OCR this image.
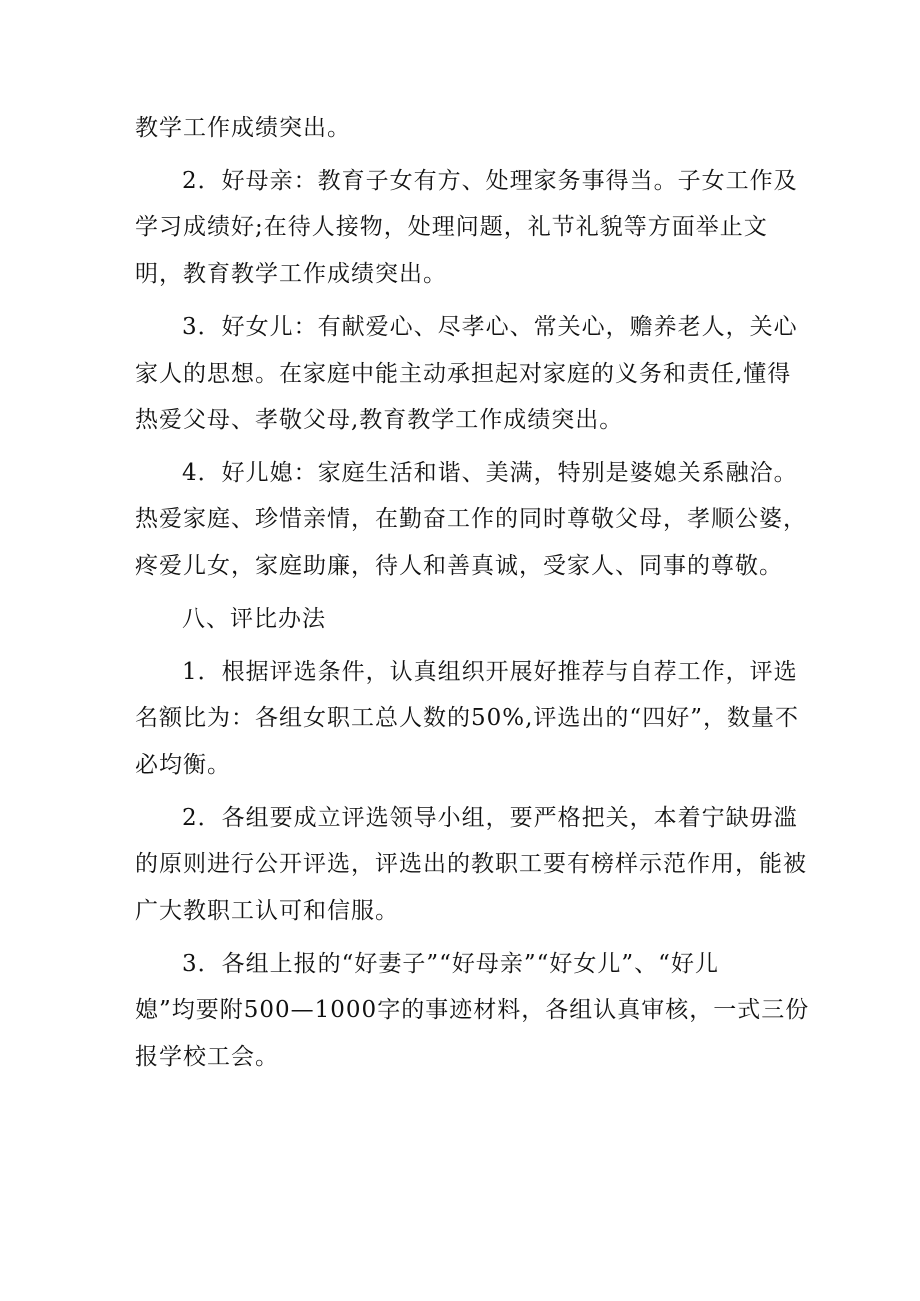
教学工作成绩突出。
2．好母亲：教育子女有方、处理家务事得当。子女工作及
学习成绩好;在待人接物，处理问题，礼节礼貌等方面举止文
明，教育教学工作成绩突出。
3．好女儿：有献爱心、尽孝心、常关心，赡养老人，关心
家人的思想。在家庭中能主动承担起对家庭的义务和责任,懂得
热爱父母、孝敬父母,教育教学工作成绩突出。
4．好儿媳：家庭生活和谐、美满，特别是婆媳关系融洽。
热爱家庭、珍惜亲情，在勤奋工作的同时尊敬父母，孝顺公婆，
疼爱儿女，家庭助廉，待人和善真诚，受家人、同事的尊敬。
八、评比办法
1．根据评选条件，认真组织开展好推荐与自荐工作，评选
名额比为：各组女职工总人数的50%,评选出的“四好”，数量不
必均衡。
2．各组要成立评选领导小组，要严格把关，本着宁缺毋滥
的原则进行公开评选，评选出的教职工要有榜样示范作用，能被
广大教职工认可和信服。
3．各组上报的“好妻子”“好母亲”“好女儿”、“好儿
媳”均要附500—1000字的事迹材料，各组认真审核，一式三份
报学校工会。
